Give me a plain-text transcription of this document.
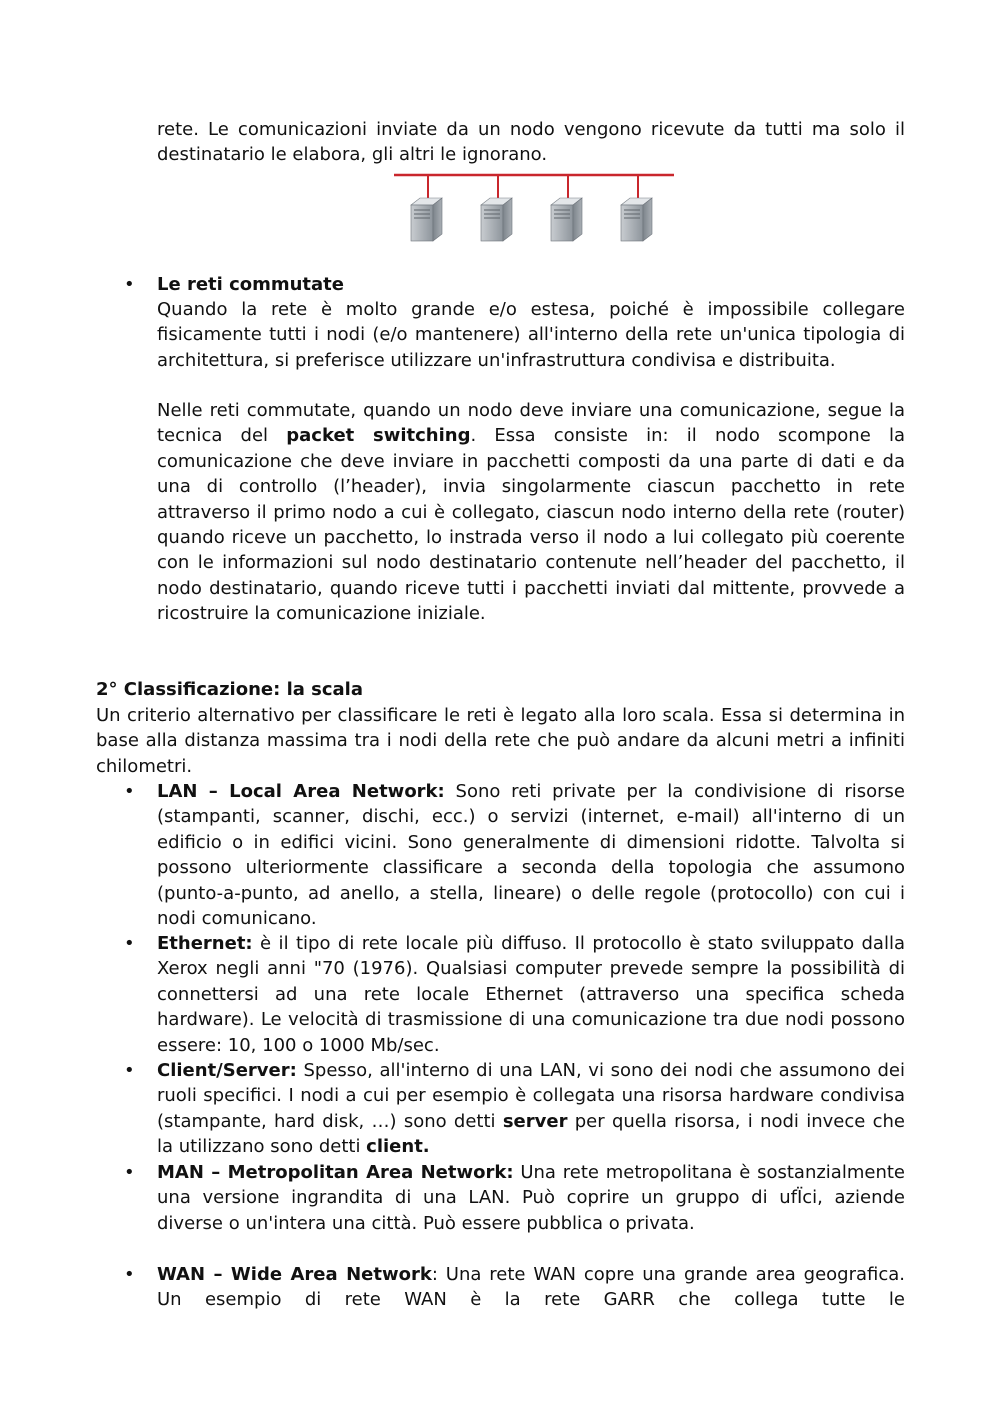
rete. Le comunicazioni inviate da un nodo vengono ricevute da tutti ma solo il destinatario le elabora, gli altri le ignorano.

• Le reti commutate

Quando la rete è molto grande e/o estesa, poiché è impossibile collegare fisicamente tutti i nodi (e/o mantenere) all'interno della rete un'unica tipologia di architettura, si preferisce utilizzare un'infrastruttura condivisa e distribuita.

Nelle reti commutate, quando un nodo deve inviare una comunicazione, segue la tecnica del packet switching. Essa consiste in: il nodo scompone la comunicazione che deve inviare in pacchetti composti da una parte di dati e da una di controllo (l’header), invia singolarmente ciascun pacchetto in rete attraverso il primo nodo a cui è collegato, ciascun nodo interno della rete (router) quando riceve un pacchetto, lo instrada verso il nodo a lui collegato più coerente con le informazioni sul nodo destinatario contenute nell’header del pacchetto, il nodo destinatario, quando riceve tutti i pacchetti inviati dal mittente, provvede a ricostruire la comunicazione iniziale.

2° Classificazione: la scala

Un criterio alternativo per classificare le reti è legato alla loro scala. Essa si determina in base alla distanza massima tra i nodi della rete che può andare da alcuni metri a infiniti chilometri.

• LAN – Local Area Network: Sono reti private per la condivisione di risorse (stampanti, scanner, dischi, ecc.) o servizi (internet, e-mail) all'interno di un edificio o in edifici vicini. Sono generalmente di dimensioni ridotte. Talvolta si possono ulteriormente classificare a seconda della topologia che assumono (punto-a-punto, ad anello, a stella, lineare) o delle regole (protocollo) con cui i nodi comunicano.

• Ethernet: è il tipo di rete locale più diffuso. Il protocollo è stato sviluppato dalla Xerox negli anni "70 (1976). Qualsiasi computer prevede sempre la possibilità di connettersi ad una rete locale Ethernet (attraverso una specifica scheda hardware). Le velocità di trasmissione di una comunicazione tra due nodi possono essere: 10, 100 o 1000 Mb/sec.

• Client/Server: Spesso, all'interno di una LAN, vi sono dei nodi che assumono dei ruoli specifici. I nodi a cui per esempio è collegata una risorsa hardware condivisa (stampante, hard disk, …) sono detti server per quella risorsa, i nodi invece che la utilizzano sono detti client.

• MAN – Metropolitan Area Network: Una rete metropolitana è sostanzialmente una versione ingrandita di una LAN. Può coprire un gruppo di ufÏci, aziende diverse o un'intera una città. Può essere pubblica o privata.

• WAN – Wide Area Network: Una rete WAN copre una grande area geografica. Un esempio di rete WAN è la rete GARR che collega tutte le
